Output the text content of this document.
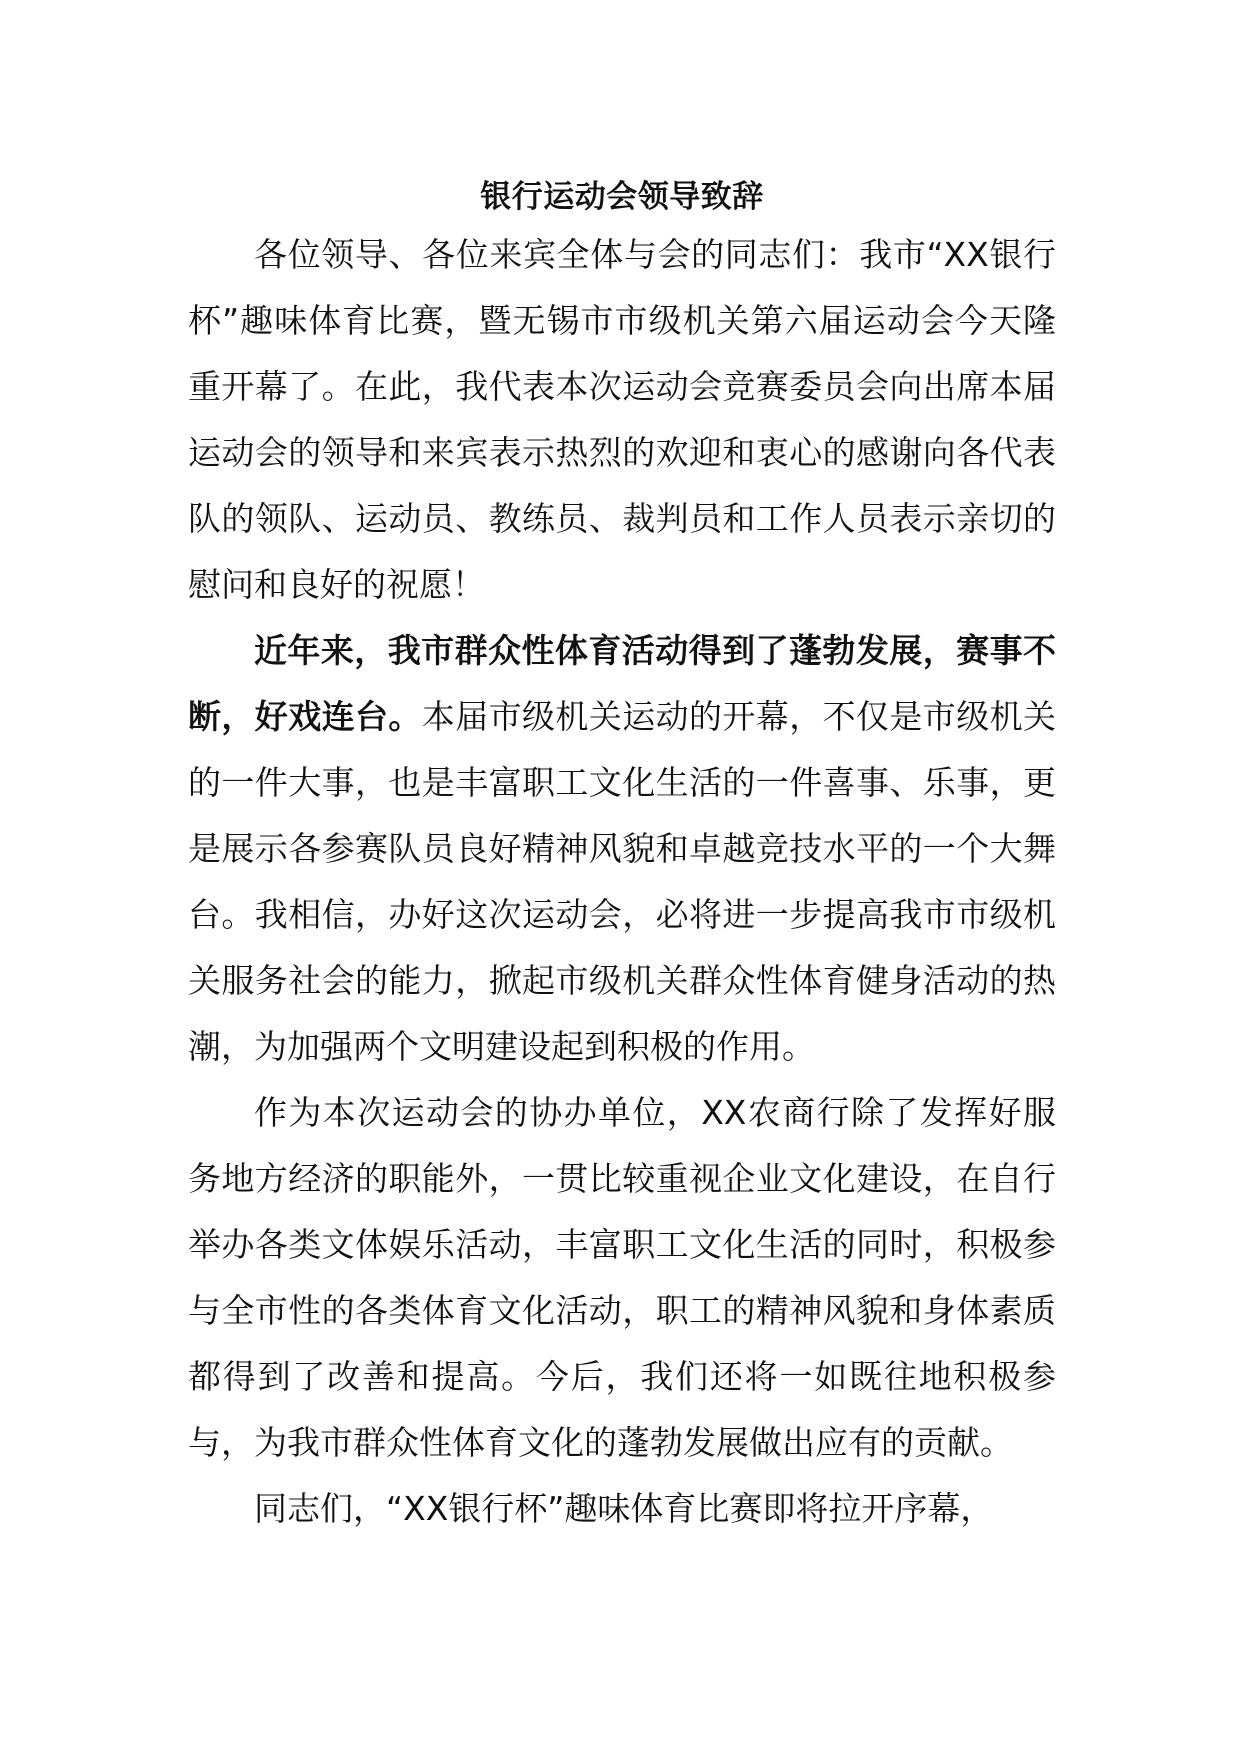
银行运动会领导致辞

各位领导、各位来宾全体与会的同志们：我市“XX银行杯”趣味体育比赛，暨无锡市市级机关第六届运动会今天隆重开幕了。在此，我代表本次运动会竞赛委员会向出席本届运动会的领导和来宾表示热烈的欢迎和衷心的感谢向各代表队的领队、运动员、教练员、裁判员和工作人员表示亲切的慰问和良好的祝愿！

近年来，我市群众性体育活动得到了蓬勃发展，赛事不断，好戏连台。本届市级机关运动的开幕，不仅是市级机关的一件大事，也是丰富职工文化生活的一件喜事、乐事，更是展示各参赛队员良好精神风貌和卓越竞技水平的一个大舞台。我相信，办好这次运动会，必将进一步提高我市市级机关服务社会的能力，掀起市级机关群众性体育健身活动的热潮，为加强两个文明建设起到积极的作用。

作为本次运动会的协办单位，XX农商行除了发挥好服务地方经济的职能外，一贯比较重视企业文化建设，在自行举办各类文体娱乐活动，丰富职工文化生活的同时，积极参与全市性的各类体育文化活动，职工的精神风貌和身体素质都得到了改善和提高。今后，我们还将一如既往地积极参与，为我市群众性体育文化的蓬勃发展做出应有的贡献。

同志们，“XX银行杯”趣味体育比赛即将拉开序幕，
